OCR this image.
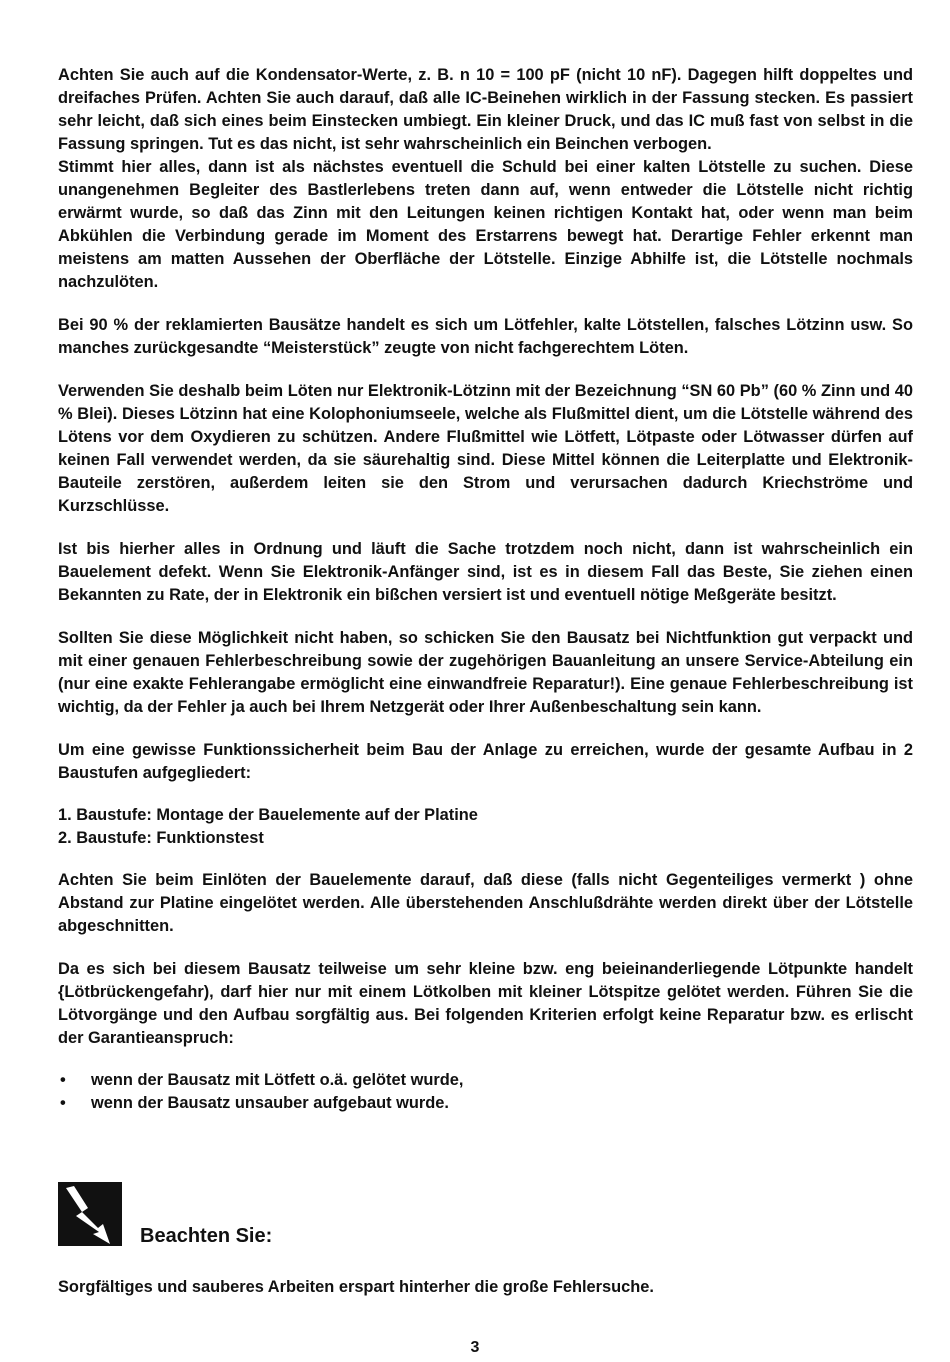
Achten Sie auch auf die Kondensator-Werte, z. B. n 10 = 100 pF (nicht 10 nF). Dagegen hilft doppeltes und dreifaches Prüfen. Achten Sie auch darauf, daß alle IC-Beinehen wirklich in der Fassung stecken. Es passiert sehr leicht, daß sich eines beim Einstecken umbiegt. Ein kleiner Druck, und das IC muß fast von selbst in die Fassung springen. Tut es das nicht, ist sehr wahrscheinlich ein Beinchen verbogen.

Stimmt hier alles, dann ist als nächstes eventuell die Schuld bei einer kalten Lötstelle zu suchen. Diese unangenehmen Begleiter des Bastlerlebens treten dann auf, wenn entweder die Lötstelle nicht richtig erwärmt wurde, so daß das Zinn mit den Leitungen keinen richtigen Kontakt hat, oder wenn man beim Abkühlen die Verbindung gerade im Moment des Erstarrens bewegt hat. Derartige Fehler erkennt man meistens am matten Aussehen der Oberfläche der Lötstelle. Einzige Abhilfe ist, die Lötstelle nochmals nachzulöten.

Bei 90 % der reklamierten Bausätze handelt es sich um Lötfehler, kalte Lötstellen, falsches Lötzinn usw. So manches zurückgesandte “Meisterstück” zeugte von nicht fachgerechtem Löten.

Verwenden Sie deshalb beim Löten nur Elektronik-Lötzinn mit der Bezeichnung “SN 60 Pb” (60 % Zinn und 40 % Blei). Dieses Lötzinn hat eine Kolophoniumseele, welche als Flußmittel dient, um die Lötstelle während des Lötens vor dem Oxydieren zu schützen. Andere Flußmittel wie Lötfett, Lötpaste oder Lötwasser dürfen auf keinen Fall verwendet werden, da sie säurehaltig sind. Diese Mittel können die Leiterplatte und Elektronik-Bauteile zerstören, außerdem leiten sie den Strom und verursachen dadurch Kriechströme und Kurzschlüsse.

Ist bis hierher alles in Ordnung und läuft die Sache trotzdem noch nicht, dann ist wahrscheinlich ein Bauelement defekt. Wenn Sie Elektronik-Anfänger sind, ist es in diesem Fall das Beste, Sie ziehen einen Bekannten zu Rate, der in Elektronik ein bißchen versiert ist und eventuell nötige Meßgeräte besitzt.

Sollten Sie diese Möglichkeit nicht haben, so schicken Sie den Bausatz bei Nichtfunktion gut verpackt und mit einer genauen Fehlerbeschreibung sowie der zugehörigen Bauanleitung an unsere Service-Abteilung ein (nur eine exakte Fehlerangabe ermöglicht eine einwandfreie Reparatur!). Eine genaue Fehlerbeschreibung ist wichtig, da der Fehler ja auch bei Ihrem Netzgerät oder Ihrer Außenbeschaltung sein kann.

Um eine gewisse Funktionssicherheit beim Bau der Anlage zu erreichen, wurde der gesamte Aufbau in 2 Baustufen aufgegliedert:

1. Baustufe: Montage der Bauelemente auf der Platine
2. Baustufe: Funktionstest

Achten Sie beim Einlöten der Bauelemente darauf, daß diese (falls nicht Gegenteiliges vermerkt ) ohne Abstand zur Platine eingelötet werden. Alle überstehenden Anschlußdrähte werden direkt über der Lötstelle abgeschnitten.

Da es sich bei diesem Bausatz teilweise um sehr kleine bzw. eng beieinanderliegende Lötpunkte handelt {Lötbrückengefahr), darf hier nur mit einem Lötkolben mit kleiner Lötspitze gelötet werden. Führen Sie die Lötvorgänge und den Aufbau sorgfältig aus. Bei folgenden Kriterien erfolgt keine Reparatur bzw. es erlischt der Garantieanspruch:

• wenn der Bausatz mit Lötfett o.ä. gelötet wurde,
• wenn der Bausatz unsauber aufgebaut wurde.
Beachten Sie:

Sorgfältiges und sauberes Arbeiten erspart hinterher die große Fehlersuche.

3
